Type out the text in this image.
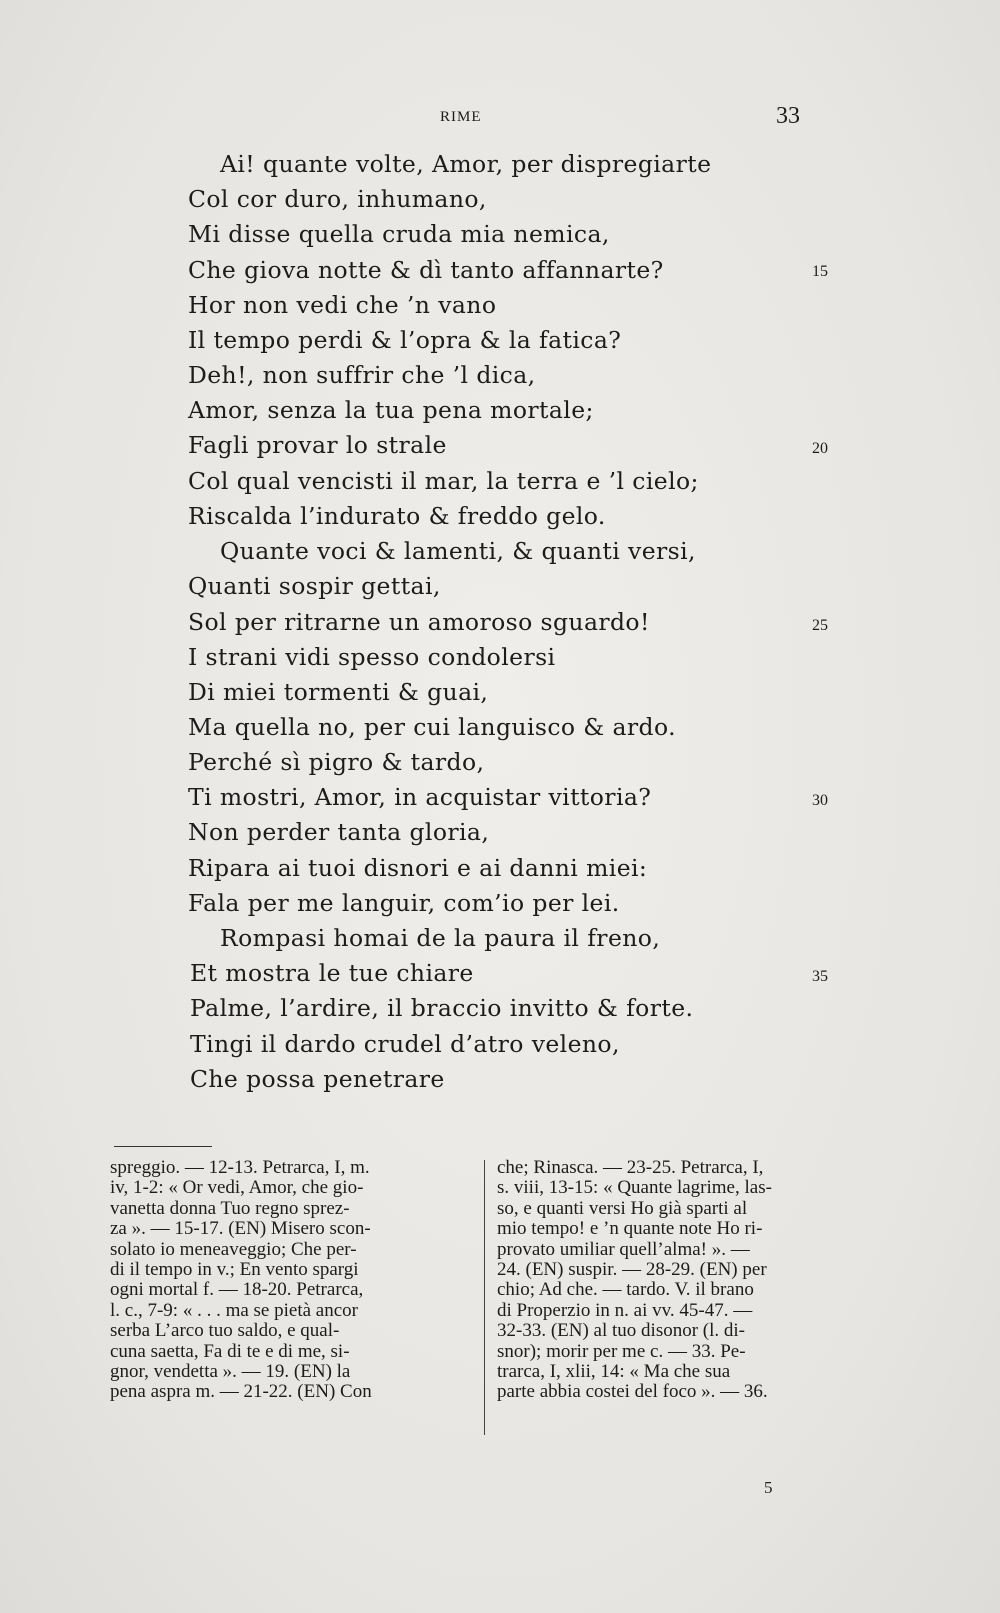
RIME	33
Ai! quante volte, Amor, per dispregiarte
Col cor duro, inhumano,
Mi disse quella cruda mia nemica,
Che giova notte & dì tanto affannarte?
Hor non vedi che ’n vano
Il tempo perdi & l’opra & la fatica?
Deh!, non suffrir che ’l dica,
Amor, senza la tua pena mortale;
Fagli provar lo strale
Col qual vencisti il mar, la terra e ’l cielo;
Riscalda l’indurato & freddo gelo.
Quante voci & lamenti, & quanti versi,
Quanti sospir gettai,
Sol per ritrarne un amoroso sguardo!
I strani vidi spesso condolersi
Di miei tormenti & guai,
Ma quella no, per cui languisco & ardo.
Perché sì pigro & tardo,
Ti mostri, Amor, in acquistar vittoria?
Non perder tanta gloria,
Ripara ai tuoi disnori e ai danni miei:
Fala per me languir, com’io per lei.
Rompasi homai de la paura il freno,
Et mostra le tue chiare
Palme, l’ardire, il braccio invitto & forte.
Tingi il dardo crudel d’atro veleno,
Che possa penetrare
15
20
25
30
35
spreggio. — 12-13. Petrarca, I, m.
iv, 1-2: « Or vedi, Amor, che gio-
vanetta donna Tuo regno sprez-
za ». — 15-17. (EN) Misero scon-
solato io meneaveggio; Che per-
di il tempo in v.; En vento spargi
ogni mortal f. — 18-20. Petrarca,
l. c., 7-9: « . . . ma se pietà ancor
serba L’arco tuo saldo, e qual-
cuna saetta, Fa di te e di me, si-
gnor, vendetta ». — 19. (EN) la
pena aspra m. — 21-22. (EN) Con
che; Rinasca. — 23-25. Petrarca, I,
s. viii, 13-15: « Quante lagrime, las-
so, e quanti versi Ho già sparti al
mio tempo! e ’n quante note Ho ri-
provato umiliar quell’alma! ». —
24. (EN) suspir. — 28-29. (EN) per
chio; Ad che. — tardo. V. il brano
di Properzio in n. ai vv. 45-47. —
32-33. (EN) al tuo disonor (l. di-
snor); morir per me c. — 33. Pe-
trarca, I, xlii, 14: « Ma che sua
parte abbia costei del foco ». — 36.
5
